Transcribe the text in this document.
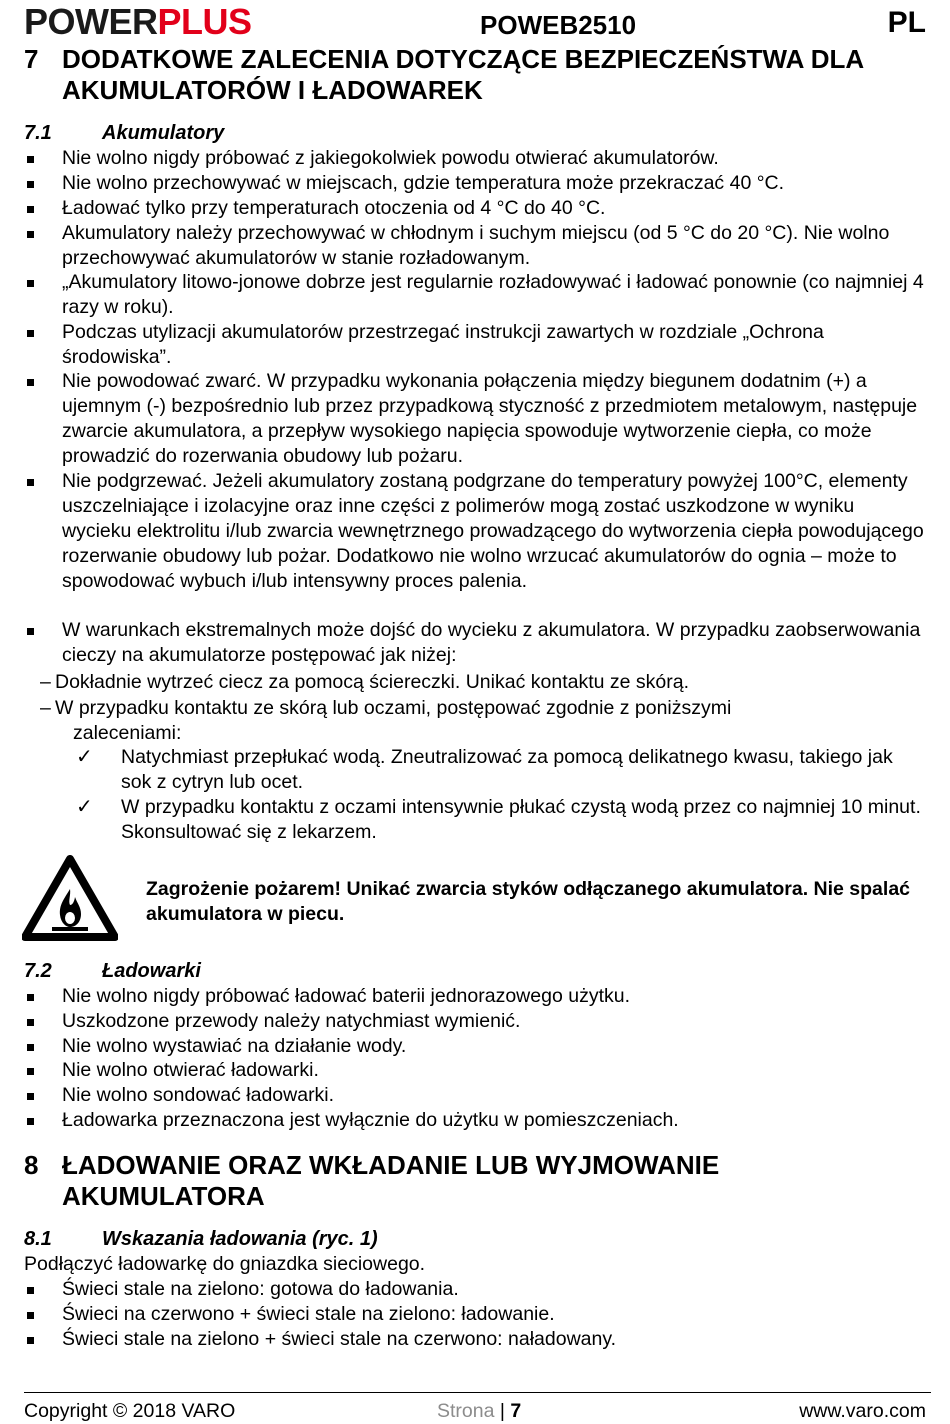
POWERPLUS	POWEB2510	PL
7 DODATKOWE ZALECENIA DOTYCZĄCE BEZPIECZEŃSTWA DLA AKUMULATORÓW I ŁADOWAREK
7.1	Akumulatory
Nie wolno nigdy próbować z jakiegokolwiek powodu otwierać akumulatorów.
Nie wolno przechowywać w miejscach, gdzie temperatura może przekraczać 40 °C.
Ładować tylko przy temperaturach otoczenia od 4 °C do 40 °C.
Akumulatory należy przechowywać w chłodnym i suchym miejscu (od 5 °C do 20 °C). Nie wolno przechowywać akumulatorów w stanie rozładowanym.
„Akumulatory litowo-jonowe dobrze jest regularnie rozładowywać i ładować ponownie (co najmniej 4 razy w roku).
Podczas utylizacji akumulatorów przestrzegać instrukcji zawartych w rozdziale „Ochrona środowiska”.
Nie powodować zwarć. W przypadku wykonania połączenia między biegunem dodatnim (+) a ujemnym (-) bezpośrednio lub przez przypadkową styczność z przedmiotem metalowym, następuje zwarcie akumulatora, a przepływ wysokiego napięcia spowoduje wytworzenie ciepła, co może prowadzić do rozerwania obudowy lub pożaru.
Nie podgrzewać. Jeżeli akumulatory zostaną podgrzane do temperatury powyżej 100°C, elementy uszczelniające i izolacyjne oraz inne części z polimerów mogą zostać uszkodzone w wyniku wycieku elektrolitu i/lub zwarcia wewnętrznego prowadzącego do wytworzenia ciepła powodującego rozerwanie obudowy lub pożar. Dodatkowo nie wolno wrzucać akumulatorów do ognia – może to spowodować wybuch i/lub intensywny proces palenia.
W warunkach ekstremalnych może dojść do wycieku z akumulatora. W przypadku zaobserwowania cieczy na akumulatorze postępować jak niżej:
– Dokładnie wytrzeć ciecz za pomocą ściereczki. Unikać kontaktu ze skórą.
– W przypadku kontaktu ze skórą lub oczami, postępować zgodnie z poniższymi
zaleceniami:
✓ Natychmiast przepłukać wodą. Zneutralizować za pomocą delikatnego kwasu, takiego jak sok z cytryn lub ocet.
✓ W przypadku kontaktu z oczami intensywnie płukać czystą wodą przez co najmniej 10 minut. Skonsultować się z lekarzem.
Zagrożenie pożarem! Unikać zwarcia styków odłączanego akumulatora. Nie spalać akumulatora w piecu.
7.2	Ładowarki
Nie wolno nigdy próbować ładować baterii jednorazowego użytku.
Uszkodzone przewody należy natychmiast wymienić.
Nie wolno wystawiać na działanie wody.
Nie wolno otwierać ładowarki.
Nie wolno sondować ładowarki.
Ładowarka przeznaczona jest wyłącznie do użytku w pomieszczeniach.
8 ŁADOWANIE ORAZ WKŁADANIE LUB WYJMOWANIE AKUMULATORA
8.1	Wskazania ładowania (ryc. 1)
Podłączyć ładowarkę do gniazdka sieciowego.
Świeci stale na zielono: gotowa do ładowania.
Świeci na czerwono + świeci stale na zielono: ładowanie.
Świeci stale na zielono + świeci stale na czerwono: naładowany.
Copyright © 2018 VARO	Strona | 7	www.varo.com
